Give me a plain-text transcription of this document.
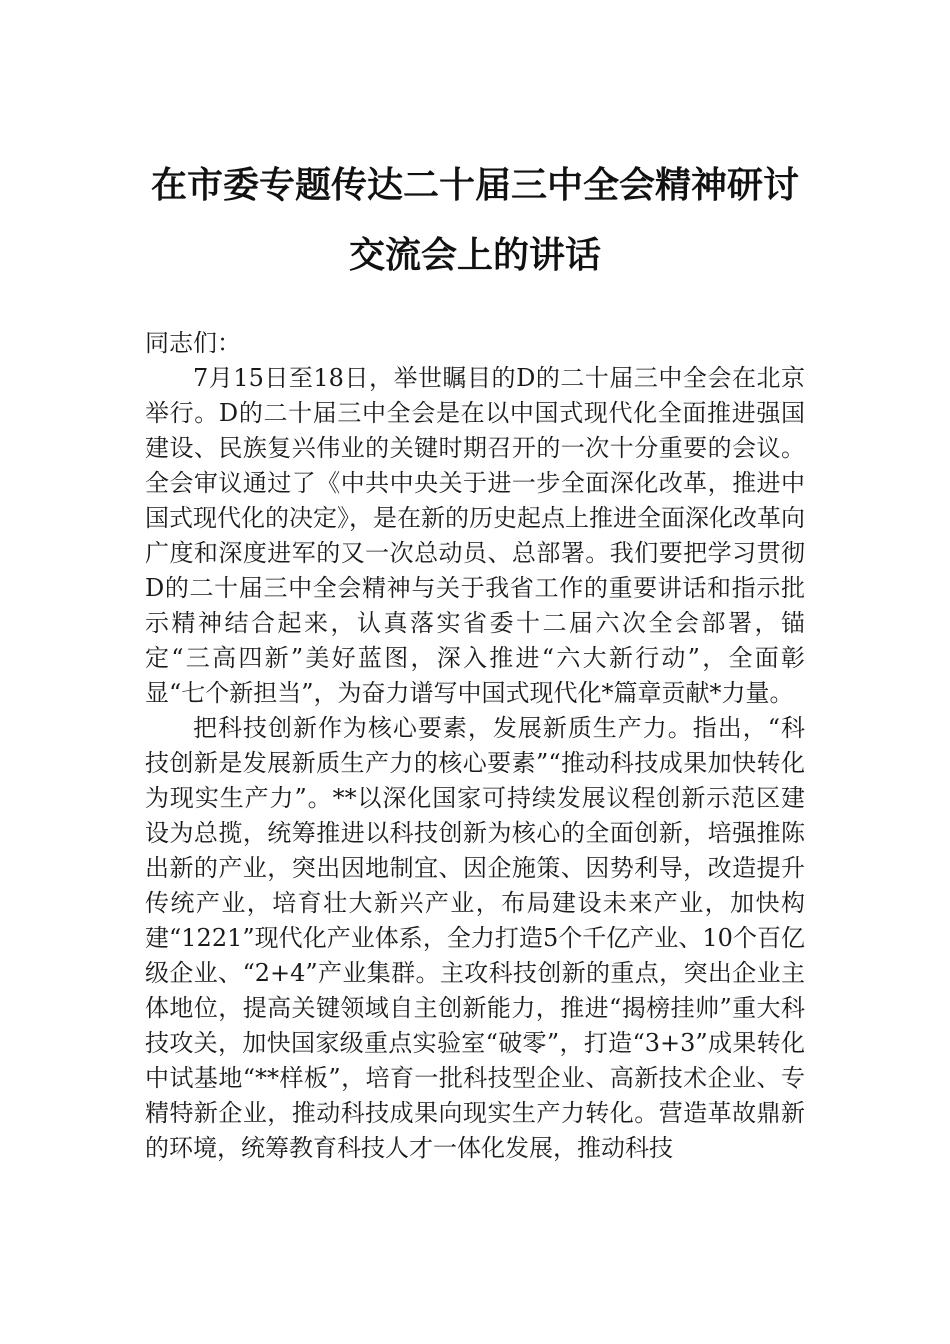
在市委专题传达二十届三中全会精神研讨
交流会上的讲话

同志们：

7月15日至18日，举世瞩目的D的二十届三中全会在北京举行。D的二十届三中全会是在以中国式现代化全面推进强国建设、民族复兴伟业的关键时期召开的一次十分重要的会议。全会审议通过了《中共中央关于进一步全面深化改革，推进中国式现代化的决定》，是在新的历史起点上推进全面深化改革向广度和深度进军的又一次总动员、总部署。我们要把学习贯彻D的二十届三中全会精神与关于我省工作的重要讲话和指示批示精神结合起来，认真落实省委十二届六次全会部署，锚定“三高四新”美好蓝图，深入推进“六大新行动”，全面彰显“七个新担当”，为奋力谱写中国式现代化*篇章贡献*力量。

把科技创新作为核心要素，发展新质生产力。指出，“科技创新是发展新质生产力的核心要素”“推动科技成果加快转化为现实生产力”。**以深化国家可持续发展议程创新示范区建设为总揽，统筹推进以科技创新为核心的全面创新，培强推陈出新的产业，突出因地制宜、因企施策、因势利导，改造提升传统产业，培育壮大新兴产业，布局建设未来产业，加快构建“1221”现代化产业体系，全力打造5个千亿产业、10个百亿级企业、“2+4”产业集群。主攻科技创新的重点，突出企业主体地位，提高关键领域自主创新能力，推进“揭榜挂帅”重大科技攻关，加快国家级重点实验室“破零”，打造“3+3”成果转化中试基地“**样板”，培育一批科技型企业、高新技术企业、专精特新企业，推动科技成果向现实生产力转化。营造革故鼎新的环境，统筹教育科技人才一体化发展，推动科技
